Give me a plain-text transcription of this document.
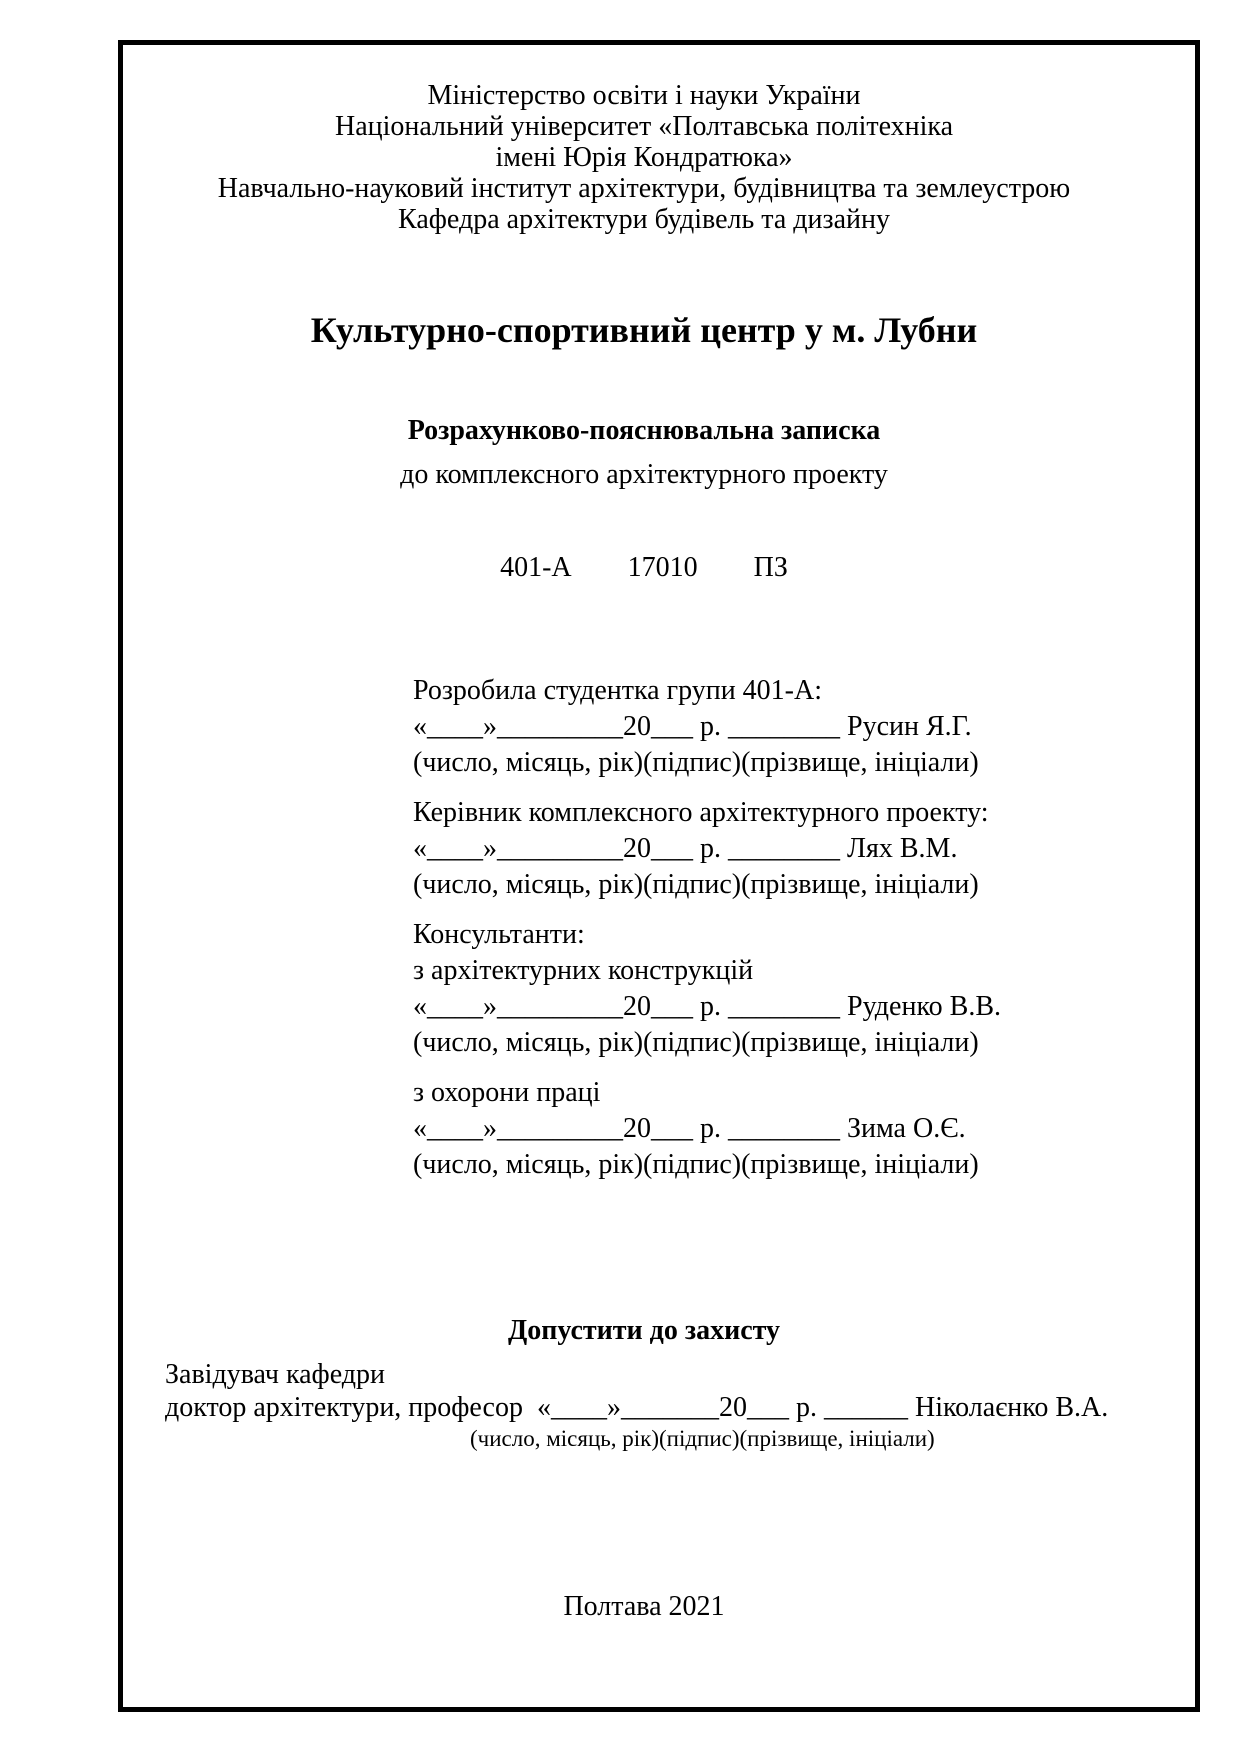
Міністерство освіти і науки України
Національний університет «Полтавська політехніка
імені Юрія Кондратюка»
Навчально-науковий інститут архітектури, будівництва та землеустрою
Кафедра архітектури будівель та дизайну
Культурно-спортивний центр у м. Лубни
Розрахунково-пояснювальна записка
до комплексного архітектурного проекту
401-А 17010 ПЗ
Розробила студентка групи 401-А:
«____»_________20___ р. ________ Русин Я.Г.
(число, місяць, рік)(підпис)(прізвище, ініціали)
Керівник комплексного архітектурного проекту:
«____»_________20___ р. ________ Лях В.М.
(число, місяць, рік)(підпис)(прізвище, ініціали)
Консультанти:
з архітектурних конструкцій
«____»_________20___ р. ________ Руденко В.В.
(число, місяць, рік)(підпис)(прізвище, ініціали)
з охорони праці
«____»_________20___ р. ________ Зима О.Є.
(число, місяць, рік)(підпис)(прізвище, ініціали)
Допустити до захисту
Завідувач кафедри
доктор архітектури, професор  «____»_______20___ р. ______ Ніколаєнко В.А.
(число, місяць, рік)(підпис)(прізвище, ініціали)
Полтава 2021
